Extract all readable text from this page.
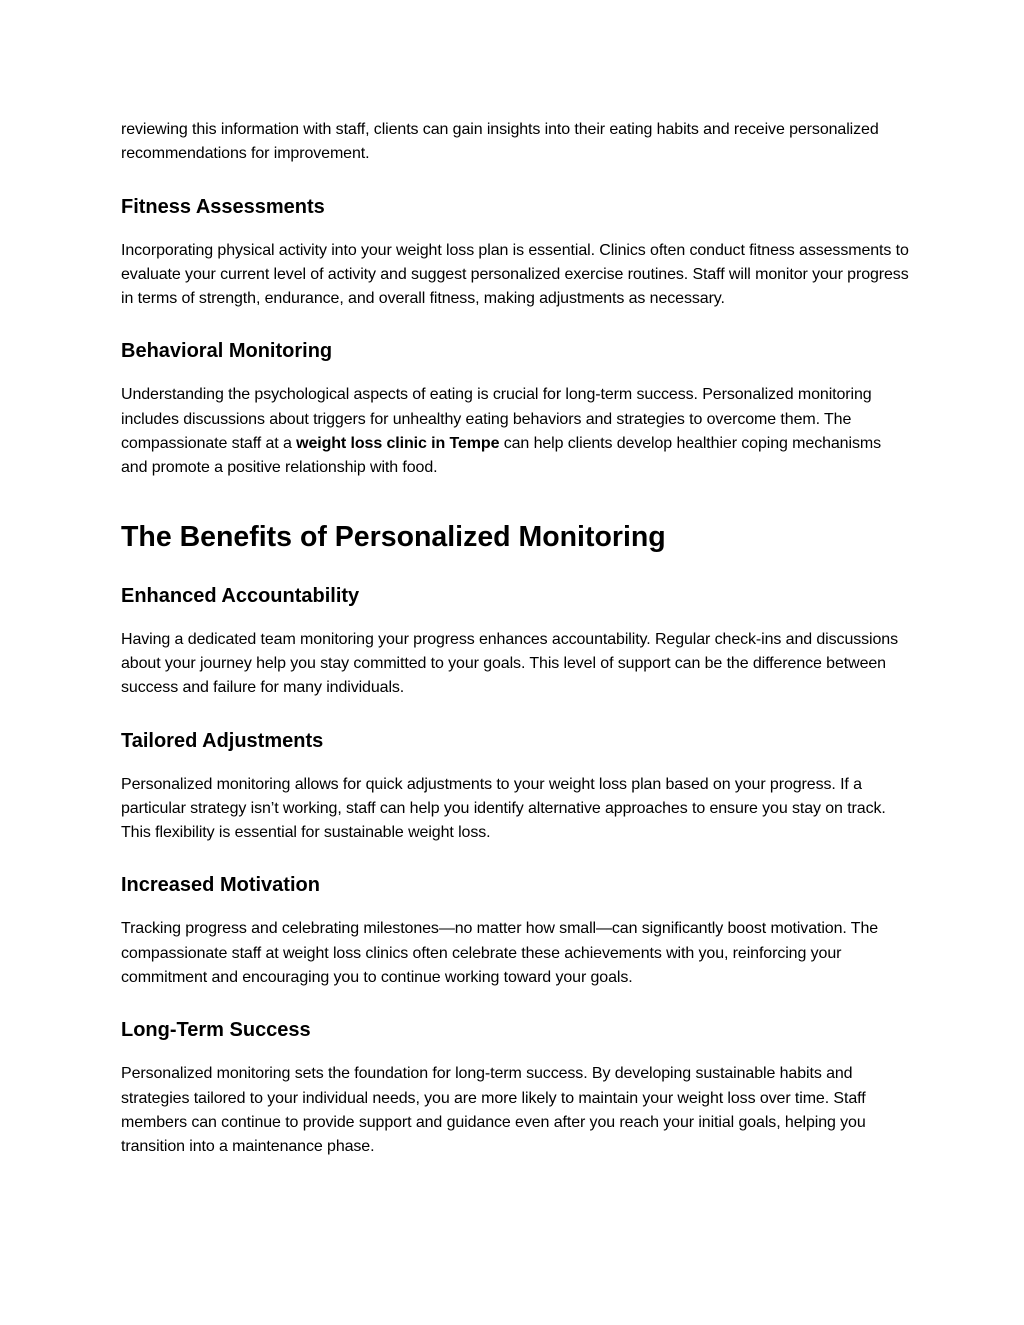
reviewing this information with staff, clients can gain insights into their eating habits and receive personalized recommendations for improvement.

Fitness Assessments

Incorporating physical activity into your weight loss plan is essential. Clinics often conduct fitness assessments to evaluate your current level of activity and suggest personalized exercise routines. Staff will monitor your progress in terms of strength, endurance, and overall fitness, making adjustments as necessary.

Behavioral Monitoring

Understanding the psychological aspects of eating is crucial for long-term success. Personalized monitoring includes discussions about triggers for unhealthy eating behaviors and strategies to overcome them. The compassionate staff at a weight loss clinic in Tempe can help clients develop healthier coping mechanisms and promote a positive relationship with food.

The Benefits of Personalized Monitoring
Enhanced Accountability

Having a dedicated team monitoring your progress enhances accountability. Regular check-ins and discussions about your journey help you stay committed to your goals. This level of support can be the difference between success and failure for many individuals.

Tailored Adjustments

Personalized monitoring allows for quick adjustments to your weight loss plan based on your progress. If a particular strategy isn’t working, staff can help you identify alternative approaches to ensure you stay on track. This flexibility is essential for sustainable weight loss.

Increased Motivation

Tracking progress and celebrating milestones—no matter how small—can significantly boost motivation. The compassionate staff at weight loss clinics often celebrate these achievements with you, reinforcing your commitment and encouraging you to continue working toward your goals.

Long-Term Success

Personalized monitoring sets the foundation for long-term success. By developing sustainable habits and strategies tailored to your individual needs, you are more likely to maintain your weight loss over time. Staff members can continue to provide support and guidance even after you reach your initial goals, helping you transition into a maintenance phase.
